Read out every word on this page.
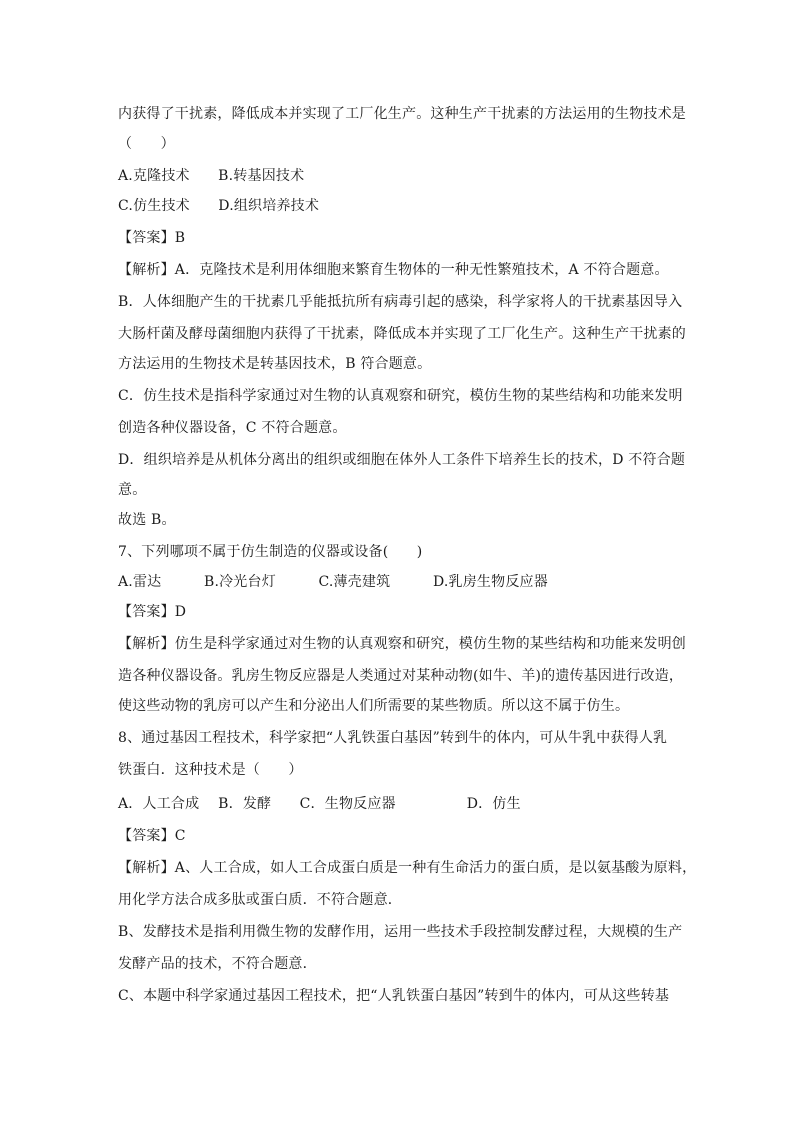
内获得了干扰素，降低成本并实现了工厂化生产。这种生产干扰素的方法运用的生物技术是
（　　）
A.克隆技术　　B.转基因技术
C.仿生技术　　D.组织培养技术
【答案】B
【解析】A．克隆技术是利用体细胞来繁育生物体的一种无性繁殖技术，A 不符合题意。
B．人体细胞产生的干扰素几乎能抵抗所有病毒引起的感染，科学家将人的干扰素基因导入
大肠杆菌及酵母菌细胞内获得了干扰素，降低成本并实现了工厂化生产。这种生产干扰素的
方法运用的生物技术是转基因技术，B 符合题意。
C．仿生技术是指科学家通过对生物的认真观察和研究，模仿生物的某些结构和功能来发明
创造各种仪器设备，C 不符合题意。
D．组织培养是从机体分离出的组织或细胞在体外人工条件下培养生长的技术，D 不符合题
意。
故选 B。
7、下列哪项不属于仿生制造的仪器或设备(　　)
A.雷达　　　B.冷光台灯　　　C.薄壳建筑　　　D.乳房生物反应器
【答案】D
【解析】仿生是科学家通过对生物的认真观察和研究，模仿生物的某些结构和功能来发明创
造各种仪器设备。乳房生物反应器是人类通过对某种动物(如牛、羊)的遗传基因进行改造，
使这些动物的乳房可以产生和分泌出人们所需要的某些物质。所以这不属于仿生。
8、通过基因工程技术，科学家把“人乳铁蛋白基因”转到牛的体内，可从牛乳中获得人乳
铁蛋白．这种技术是（　　）
A．人工合成　 B．发酵　　C．生物反应器　　　　　D．仿生
【答案】C
【解析】A、人工合成，如人工合成蛋白质是一种有生命活力的蛋白质，是以氨基酸为原料，
用化学方法合成多肽或蛋白质．不符合题意．
B、发酵技术是指利用微生物的发酵作用，运用一些技术手段控制发酵过程，大规模的生产
发酵产品的技术，不符合题意．
C、本题中科学家通过基因工程技术，把“人乳铁蛋白基因”转到牛的体内，可从这些转基
